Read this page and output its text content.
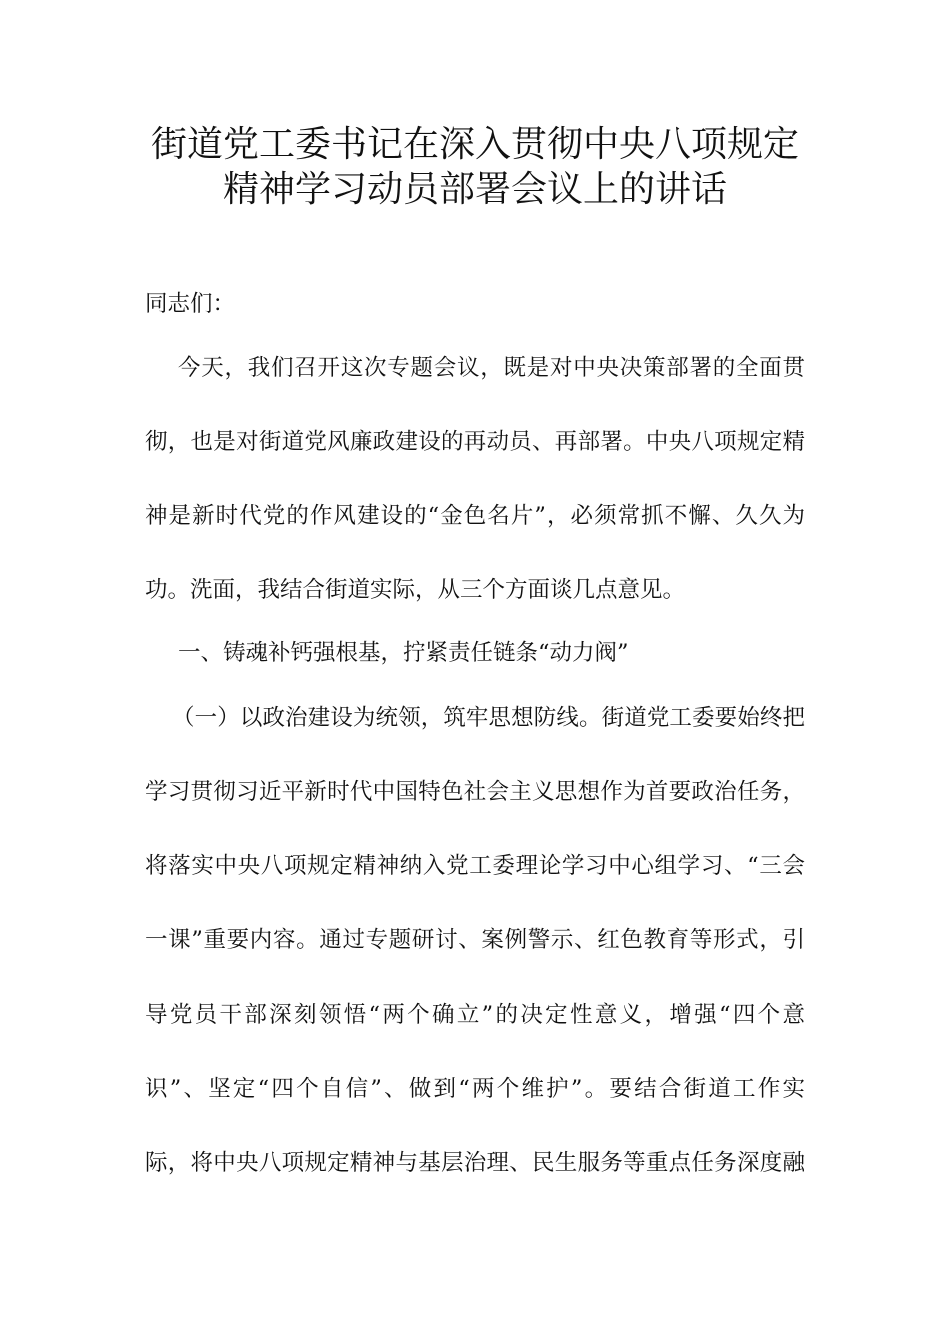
街道党工委书记在深入贯彻中央八项规定
精神学习动员部署会议上的讲话
同志们：
今天，我们召开这次专题会议，既是对中央决策部署的全面贯
彻，也是对街道党风廉政建设的再动员、再部署。中央八项规定精
神是新时代党的作风建设的“金色名片”，必须常抓不懈、久久为
功。洗面，我结合街道实际，从三个方面谈几点意见。
一、铸魂补钙强根基，拧紧责任链条“动力阀”
（一）以政治建设为统领，筑牢思想防线。街道党工委要始终把
学习贯彻习近平新时代中国特色社会主义思想作为首要政治任务，
将落实中央八项规定精神纳入党工委理论学习中心组学习、“三会
一课”重要内容。通过专题研讨、案例警示、红色教育等形式，引
导党员干部深刻领悟“两个确立”的决定性意义，增强“四个意
识”、坚定“四个自信”、做到“两个维护”。要结合街道工作实
际，将中央八项规定精神与基层治理、民生服务等重点任务深度融
